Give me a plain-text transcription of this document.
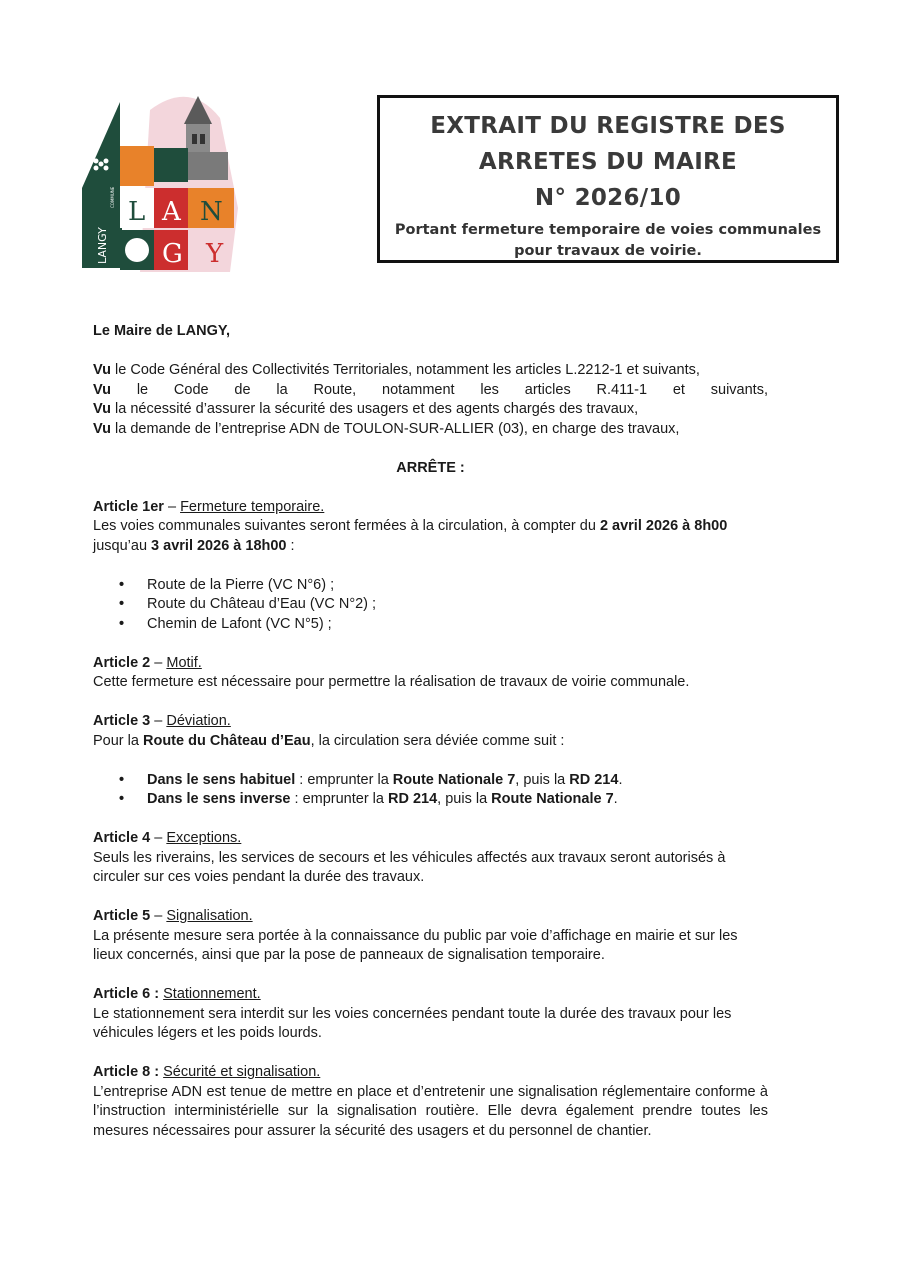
L A N
G Y
LANGY
COMMUNE
EXTRAIT DU REGISTRE DES
ARRETES DU MAIRE
N° 2026/10
Portant fermeture temporaire de voies communales pour travaux de voirie.

Le Maire de LANGY,

Vu le Code Général des Collectivités Territoriales, notamment les articles L.2212-1 et suivants,

Vu le Code de la Route, notamment les articles R.411-1 et suivants,

Vu la nécessité d’assurer la sécurité des usagers et des agents chargés des travaux,

Vu la demande de l’entreprise ADN de TOULON-SUR-ALLIER (03), en charge des travaux,

ARRÊTE :

Article 1er – Fermeture temporaire.

Les voies communales suivantes seront fermées à la circulation, à compter du 2 avril 2026 à 8h00 jusqu’au 3 avril 2026 à 18h00 :

• Route de la Pierre (VC N°6) ;
• Route du Château d’Eau (VC N°2) ;
• Chemin de Lafont (VC N°5) ;

Article 2 – Motif.

Cette fermeture est nécessaire pour permettre la réalisation de travaux de voirie communale.

Article 3 – Déviation.

Pour la Route du Château d’Eau, la circulation sera déviée comme suit :

• Dans le sens habituel : emprunter la Route Nationale 7, puis la RD 214.
• Dans le sens inverse : emprunter la RD 214, puis la Route Nationale 7.

Article 4 – Exceptions.

Seuls les riverains, les services de secours et les véhicules affectés aux travaux seront autorisés à circuler sur ces voies pendant la durée des travaux.

Article 5 – Signalisation.

La présente mesure sera portée à la connaissance du public par voie d’affichage en mairie et sur les lieux concernés, ainsi que par la pose de panneaux de signalisation temporaire.

Article 6 : Stationnement.

Le stationnement sera interdit sur les voies concernées pendant toute la durée des travaux pour les véhicules légers et les poids lourds.

Article 8 : Sécurité et signalisation.

L’entreprise ADN est tenue de mettre en place et d’entretenir une signalisation réglementaire conforme à l’instruction interministérielle sur la signalisation routière. Elle devra également prendre toutes les mesures nécessaires pour assurer la sécurité des usagers et du personnel de chantier.
